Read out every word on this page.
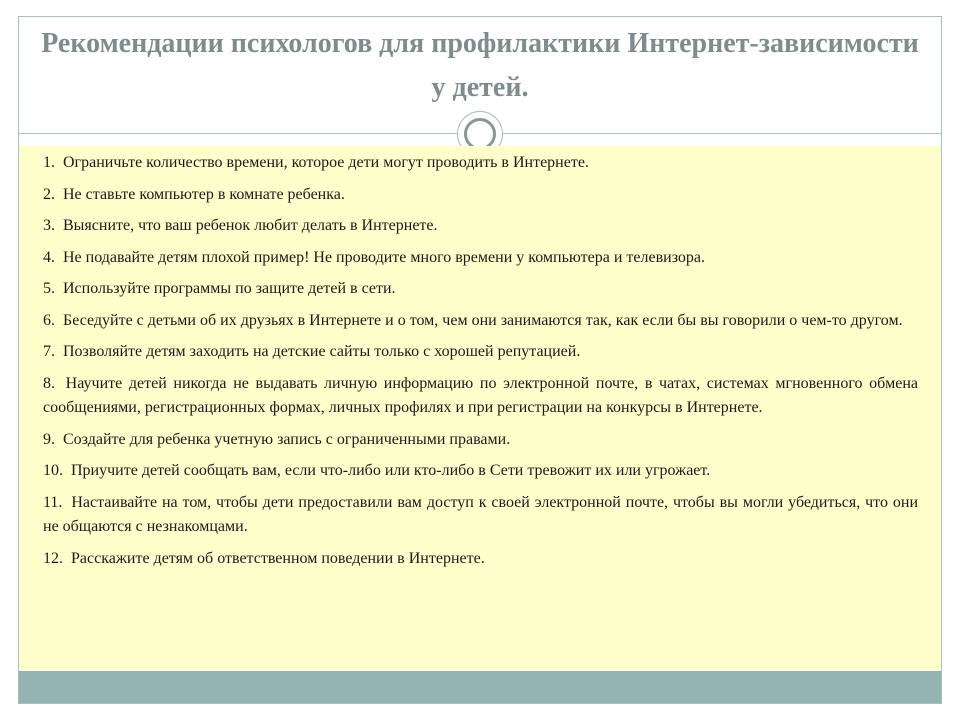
Рекомендации психологов для профилактики Интернет-зависимости у детей.
1. Ограничьте количество времени, которое дети могут проводить в Интернете.
2. Не ставьте компьютер в комнате ребенка.
3. Выясните, что ваш ребенок любит делать в Интернете.
4. Не подавайте детям плохой пример! Не проводите много времени у компьютера и телевизора.
5. Используйте программы по защите детей в сети.
6. Беседуйте с детьми об их друзьях в Интернете и о том, чем они занимаются так, как если бы вы говорили о чем-то другом.
7. Позволяйте детям заходить на детские сайты только с хорошей репутацией.
8. Научите детей никогда не выдавать личную информацию по электронной почте, в чатах, системах мгновенного обмена сообщениями, регистрационных формах, личных профилях и при регистрации на конкурсы в Интернете.
9. Создайте для ребенка учетную запись с ограниченными правами.
10. Приучите детей сообщать вам, если что-либо или кто-либо в Сети тревожит их или угрожает.
11. Настаивайте на том, чтобы дети предоставили вам доступ к своей электронной почте, чтобы вы могли убедиться, что они не общаются с незнакомцами.
12. Расскажите детям об ответственном поведении в Интернете.
